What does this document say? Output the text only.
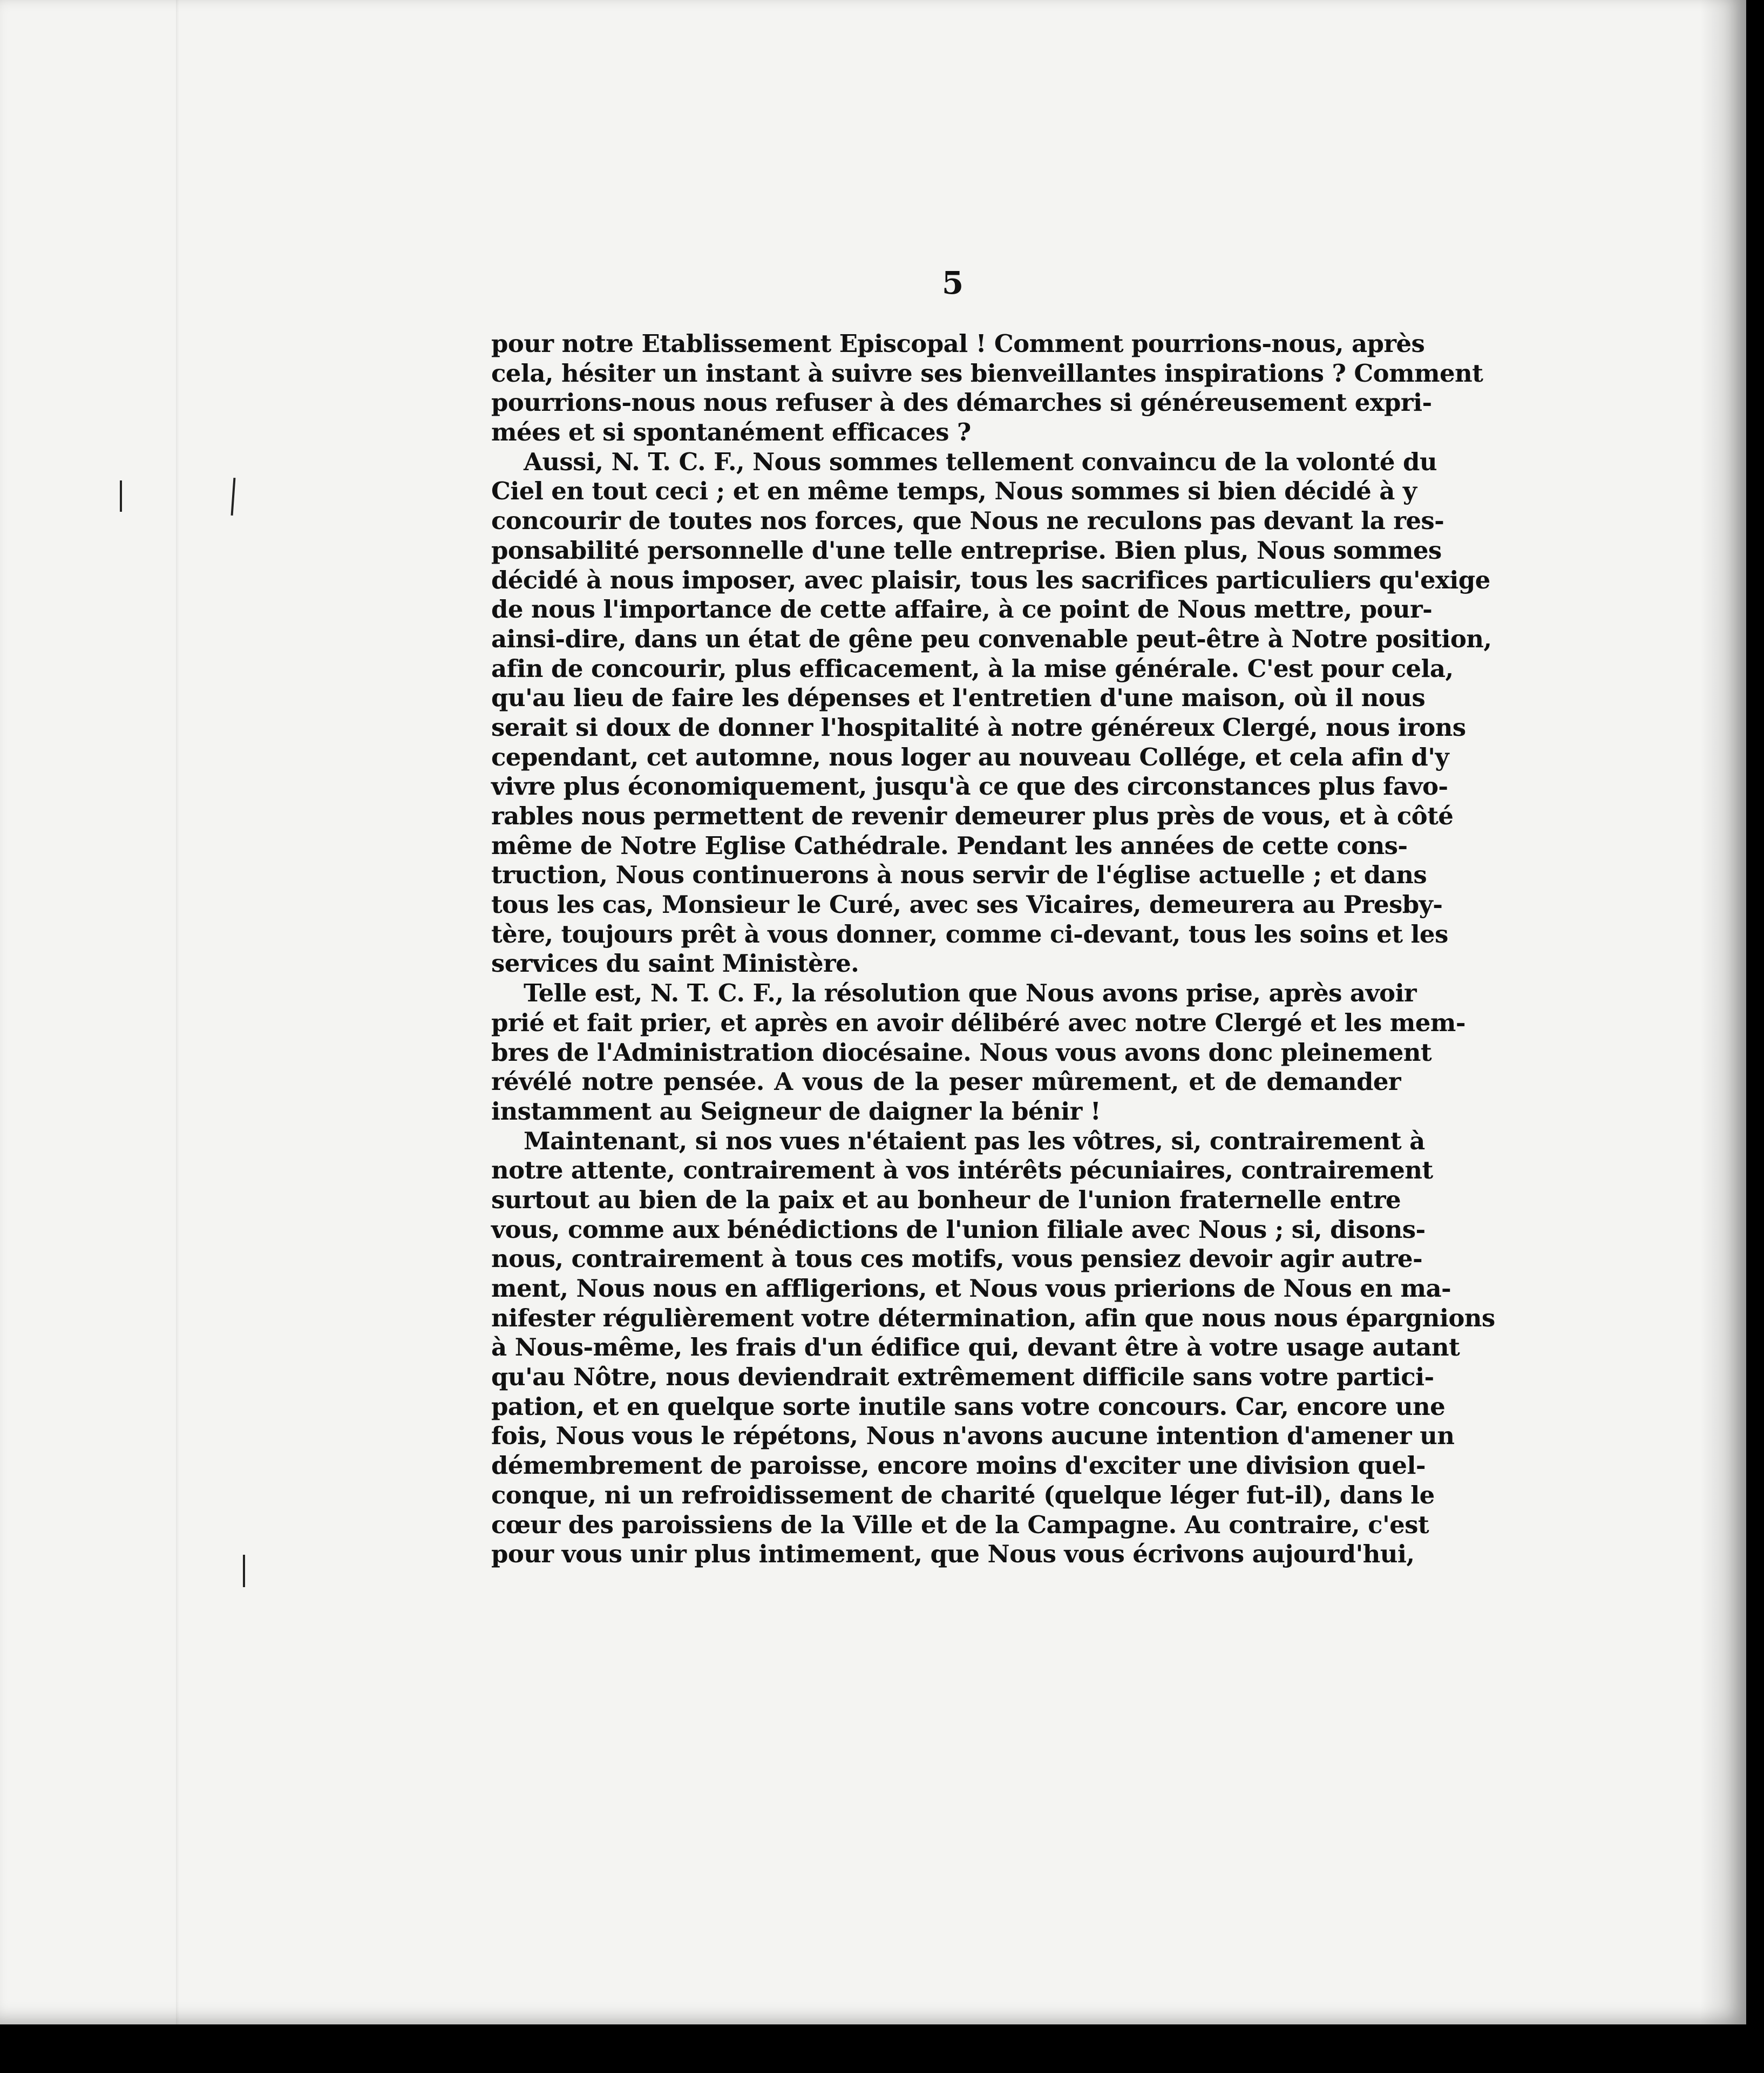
5
pour notre Etablissement Episcopal ! Comment pourrions-nous, après
cela, hésiter un instant à suivre ses bienveillantes inspirations ? Comment
pourrions-nous nous refuser à des démarches si généreusement expri-
mées et si spontanément efficaces ?
Aussi, N. T. C. F., Nous sommes tellement convaincu de la volonté du
Ciel en tout ceci ; et en même temps, Nous sommes si bien décidé à y
concourir de toutes nos forces, que Nous ne reculons pas devant la res-
ponsabilité personnelle d'une telle entreprise. Bien plus, Nous sommes
décidé à nous imposer, avec plaisir, tous les sacrifices particuliers qu'exige
de nous l'importance de cette affaire, à ce point de Nous mettre, pour-
ainsi-dire, dans un état de gêne peu convenable peut-être à Notre position,
afin de concourir, plus efficacement, à la mise générale. C'est pour cela,
qu'au lieu de faire les dépenses et l'entretien d'une maison, où il nous
serait si doux de donner l'hospitalité à notre généreux Clergé, nous irons
cependant, cet automne, nous loger au nouveau Collége, et cela afin d'y
vivre plus économiquement, jusqu'à ce que des circonstances plus favo-
rables nous permettent de revenir demeurer plus près de vous, et à côté
même de Notre Eglise Cathédrale. Pendant les années de cette cons-
truction, Nous continuerons à nous servir de l'église actuelle ; et dans
tous les cas, Monsieur le Curé, avec ses Vicaires, demeurera au Presby-
tère, toujours prêt à vous donner, comme ci-devant, tous les soins et les
services du saint Ministère.
Telle est, N. T. C. F., la résolution que Nous avons prise, après avoir
prié et fait prier, et après en avoir délibéré avec notre Clergé et les mem-
bres de l'Administration diocésaine. Nous vous avons donc pleinement
révélé notre pensée. A vous de la peser mûrement, et de demander
instamment au Seigneur de daigner la bénir !
Maintenant, si nos vues n'étaient pas les vôtres, si, contrairement à
notre attente, contrairement à vos intérêts pécuniaires, contrairement
surtout au bien de la paix et au bonheur de l'union fraternelle entre
vous, comme aux bénédictions de l'union filiale avec Nous ; si, disons-
nous, contrairement à tous ces motifs, vous pensiez devoir agir autre-
ment, Nous nous en affligerions, et Nous vous prierions de Nous en ma-
nifester régulièrement votre détermination, afin que nous nous épargnions
à Nous-même, les frais d'un édifice qui, devant être à votre usage autant
qu'au Nôtre, nous deviendrait extrêmement difficile sans votre partici-
pation, et en quelque sorte inutile sans votre concours. Car, encore une
fois, Nous vous le répétons, Nous n'avons aucune intention d'amener un
démembrement de paroisse, encore moins d'exciter une division quel-
conque, ni un refroidissement de charité (quelque léger fut-il), dans le
cœur des paroissiens de la Ville et de la Campagne. Au contraire, c'est
pour vous unir plus intimement, que Nous vous écrivons aujourd'hui,
